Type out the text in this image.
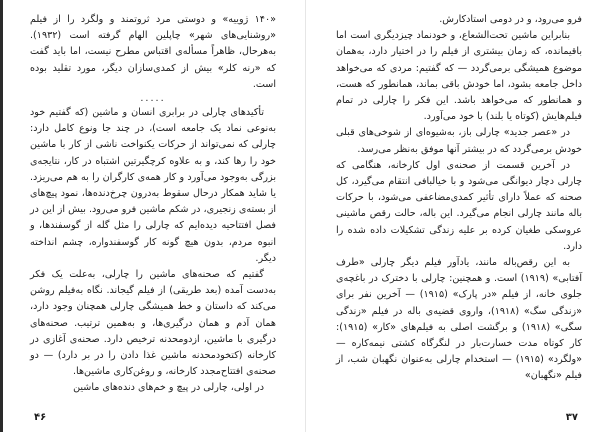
«۱۴۰ ژوییه» و دوستی مرد ثروتمند و ولگرد را از فیلم «روشنایی‌های شهر» چاپلین الهام گرفته است (۱۹۳۲). به‌هرحال، ظاهراً مسأله‌ی اقتباس مطرح نیست، اما باید گفت که «رنه کلر» بیش از کمدی‌سازان دیگر، مورد تقلید بوده است.

.....

تأکیدهای چارلی در برابری انسان و ماشین (که گفتیم خود به‌نوعی نماد یک جامعه است)، در چند جا ونوع کامل دارد: چارلی که نمی‌تواند از حرکات یکنواخت ناشی از کار با ماشین خود را رها کند، و به علاوه کرچگیرتین اشتباه در کار، نتایجه‌ی بزرگی به‌وجود می‌آورد و کار همه‌ی کارگران را به هم می‌ریزد. یا شاید همکار درحال سقوط به‌درون چرخ‌دنده‌ها، نمود پیچ‌های از بسته‌ی زنجیری، در شکم ماشین فرو می‌رود. بیش از این در فصل افتتاحیه دیده‌ایم که چارلی را مثل گله از گوسفندها، و انبوه مردم، بدون هیچ گونه کار گوسفندواره، چشم انداخته دیگر.

گفتیم که صحنه‌های ماشین را چارلی، به‌علت یک فکر به‌دست آمده (بعد طریقی) از فیلم گیجاند. نگاه به‌فیلم روشن می‌کند که داستان و خط همیشگی چارلی همچنان وجود دارد، همان آدم و همان درگیری‌ها، و به‌همین ترتیب. صحنه‌های درگیری با ماشین، ازدومحدنه ترخیص دارد. صحنه‌ی آغازی در کارخانه (کتخودمحدنه ماشین غذا دادن را در بر دارد) — دو صحنه‌ی افتتاح‌مجدد کارخانه، و روغن‌کاری ماشین‌ها.

در اولی، چارلی در پیچ و خم‌های دنده‌های ماشین

۴۶

فرو می‌رود، و در دومی استادکارش.

بنابراین ماشین تحت‌الشعاع، و خودنماد چیزدیگری است اما باقیمانده، که زمان بیشتری از فیلم را در اختیار دارد، به‌همان موضوع همیشگی برمی‌گردد — که گفتیم: مردی که می‌خواهد داخل جامعه بشود، اما خودش باقی بماند، همانطور که هست، و همانطور که می‌خواهد باشد. این فکر را چارلی در تمام فیلم‌هایش (کوتاه یا بلند) با خود می‌آورد.

در «عصر جدید» چارلی باز، به‌شیوه‌ای از شوخی‌های قبلی خودش برمی‌گردد که در بیشتر آنها موفق به‌نظر می‌رسد.

در آخرین قسمت از صحنه‌ی اول کارخانه، هنگامی که چارلی دچار دیوانگی می‌شود و با خیالبافی انتقام می‌گیرد، کل صحنه که عملاً دارای تأثیر کمدی‌مضاعفی می‌شود، با حرکات باله مانند چارلی انجام می‌گیرد. این باله، حالت رقص ماشینی عروسکی طغیان کرده بر علیه زندگی تشکیلات داده شده را دارد.

به این رقص‌باله مانند، یادآور فیلم دیگر چارلی «طرف آفتابی» (۱۹۱۹) است. و همچنین: چارلی با دخترک در باغچه‌ی جلوی خانه، از فیلم «در پارک» (۱۹۱۵) — آخرین نفر برای «زندگی سگ» (۱۹۱۸)، واروی قضیه‌ی باله در فیلم «زندگی سگی» (۱۹۱۸) و برگشت اصلی به فیلم‌های «کار» (۱۹۱۵): کار کوتاه مدت خسارت‌بار در لنگرگاه کشتی نیمه‌کاره — «ولگرد» (۱۹۱۵) — استخدام چارلی به‌عنوان نگهبان شب، از فیلم «نگهبان»

۳۷
